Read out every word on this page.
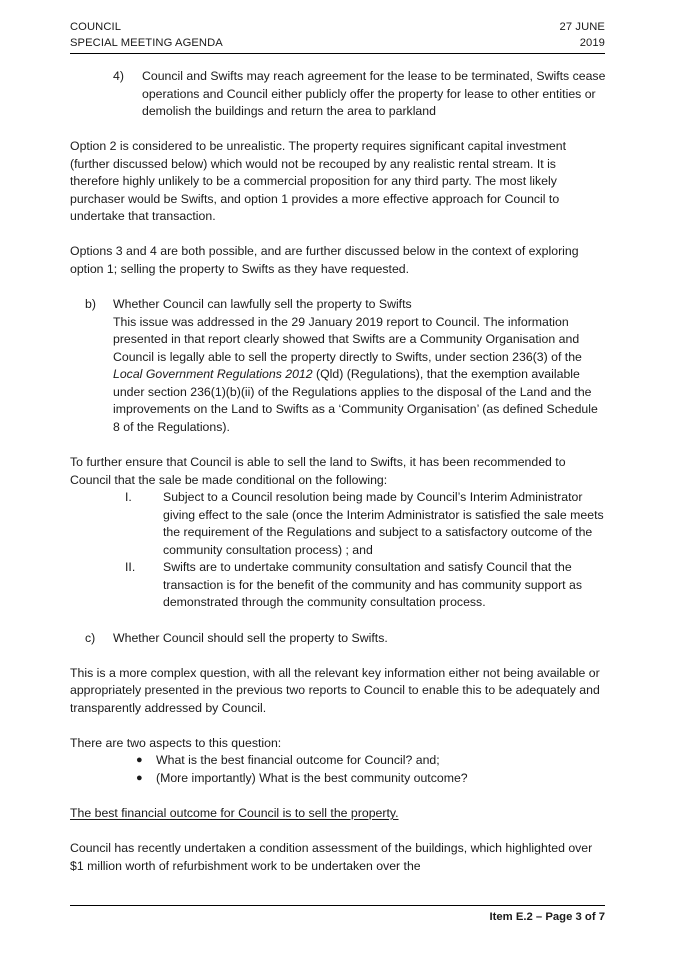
COUNCIL	27 JUNE
SPECIAL MEETING AGENDA	2019
4)	Council and Swifts may reach agreement for the lease to be terminated, Swifts cease operations and Council either publicly offer the property for lease to other entities or demolish the buildings and return the area to parkland

Option 2 is considered to be unrealistic. The property requires significant capital investment (further discussed below) which would not be recouped by any realistic rental stream. It is therefore highly unlikely to be a commercial proposition for any third party. The most likely purchaser would be Swifts, and option 1 provides a more effective approach for Council to undertake that transaction.

Options 3 and 4 are both possible, and are further discussed below in the context of exploring option 1; selling the property to Swifts as they have requested.

b)	Whether Council can lawfully sell the property to Swifts
This issue was addressed in the 29 January 2019 report to Council. The information presented in that report clearly showed that Swifts are a Community Organisation and Council is legally able to sell the property directly to Swifts, under section 236(3) of the Local Government Regulations 2012 (Qld) (Regulations), that the exemption available under section 236(1)(b)(ii) of the Regulations applies to the disposal of the Land and the improvements on the Land to Swifts as a ‘Community Organisation’ (as defined Schedule 8 of the Regulations).

To further ensure that Council is able to sell the land to Swifts, it has been recommended to Council that the sale be made conditional on the following:

I.	Subject to a Council resolution being made by Council’s Interim Administrator giving effect to the sale (once the Interim Administrator is satisfied the sale meets the requirement of the Regulations and subject to a satisfactory outcome of the community consultation process) ; and
II.	Swifts are to undertake community consultation and satisfy Council that the transaction is for the benefit of the community and has community support as demonstrated through the community consultation process.
c)	Whether Council should sell the property to Swifts.

This is a more complex question, with all the relevant key information either not being available or appropriately presented in the previous two reports to Council to enable this to be adequately and transparently addressed by Council.

There are two aspects to this question:

●	What is the best financial outcome for Council? and;
●	(More importantly) What is the best community outcome?

The best financial outcome for Council is to sell the property.

Council has recently undertaken a condition assessment of the buildings, which highlighted over $1 million worth of refurbishment work to be undertaken over the

Item E.2 – Page 3 of 7
